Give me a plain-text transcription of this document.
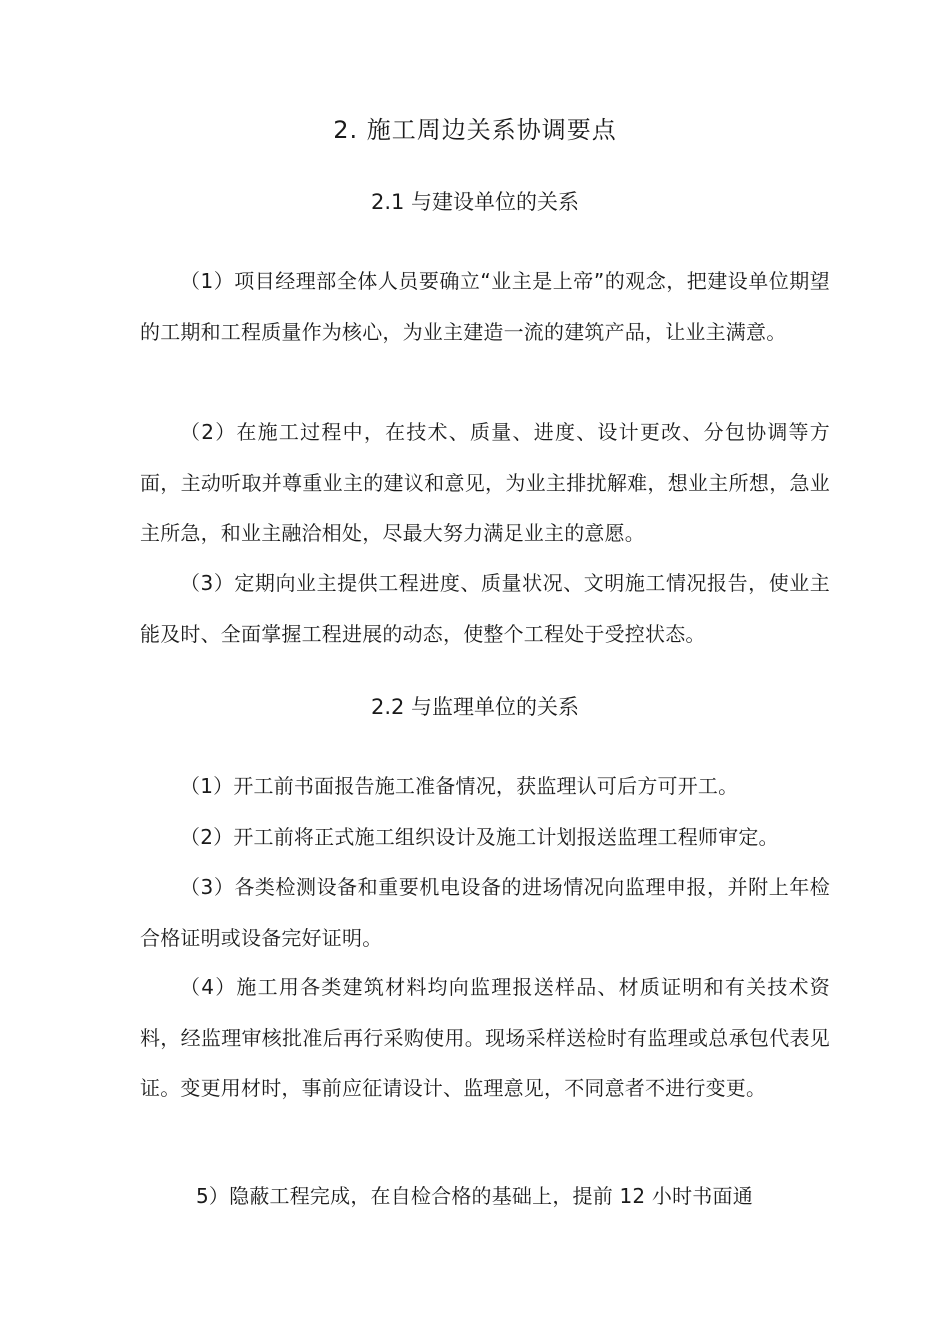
2. 施工周边关系协调要点
2.1 与建设单位的关系

（1）项目经理部全体人员要确立“业主是上帝”的观念，把建设单位期望的工期和工程质量作为核心，为业主建造一流的建筑产品，让业主满意。

（2）在施工过程中，在技术、质量、进度、设计更改、分包协调等方面，主动听取并尊重业主的建议和意见，为业主排扰解难，想业主所想，急业主所急，和业主融洽相处，尽最大努力满足业主的意愿。

（3）定期向业主提供工程进度、质量状况、文明施工情况报告，使业主能及时、全面掌握工程进展的动态，使整个工程处于受控状态。

2.2 与监理单位的关系

（1）开工前书面报告施工准备情况，获监理认可后方可开工。

（2）开工前将正式施工组织设计及施工计划报送监理工程师审定。

（3）各类检测设备和重要机电设备的进场情况向监理申报，并附上年检合格证明或设备完好证明。

（4）施工用各类建筑材料均向监理报送样品、材质证明和有关技术资料，经监理审核批准后再行采购使用。现场采样送检时有监理或总承包代表见证。变更用材时，事前应征请设计、监理意见，不同意者不进行变更。

5）隐蔽工程完成，在自检合格的基础上，提前 12 小时书面通
